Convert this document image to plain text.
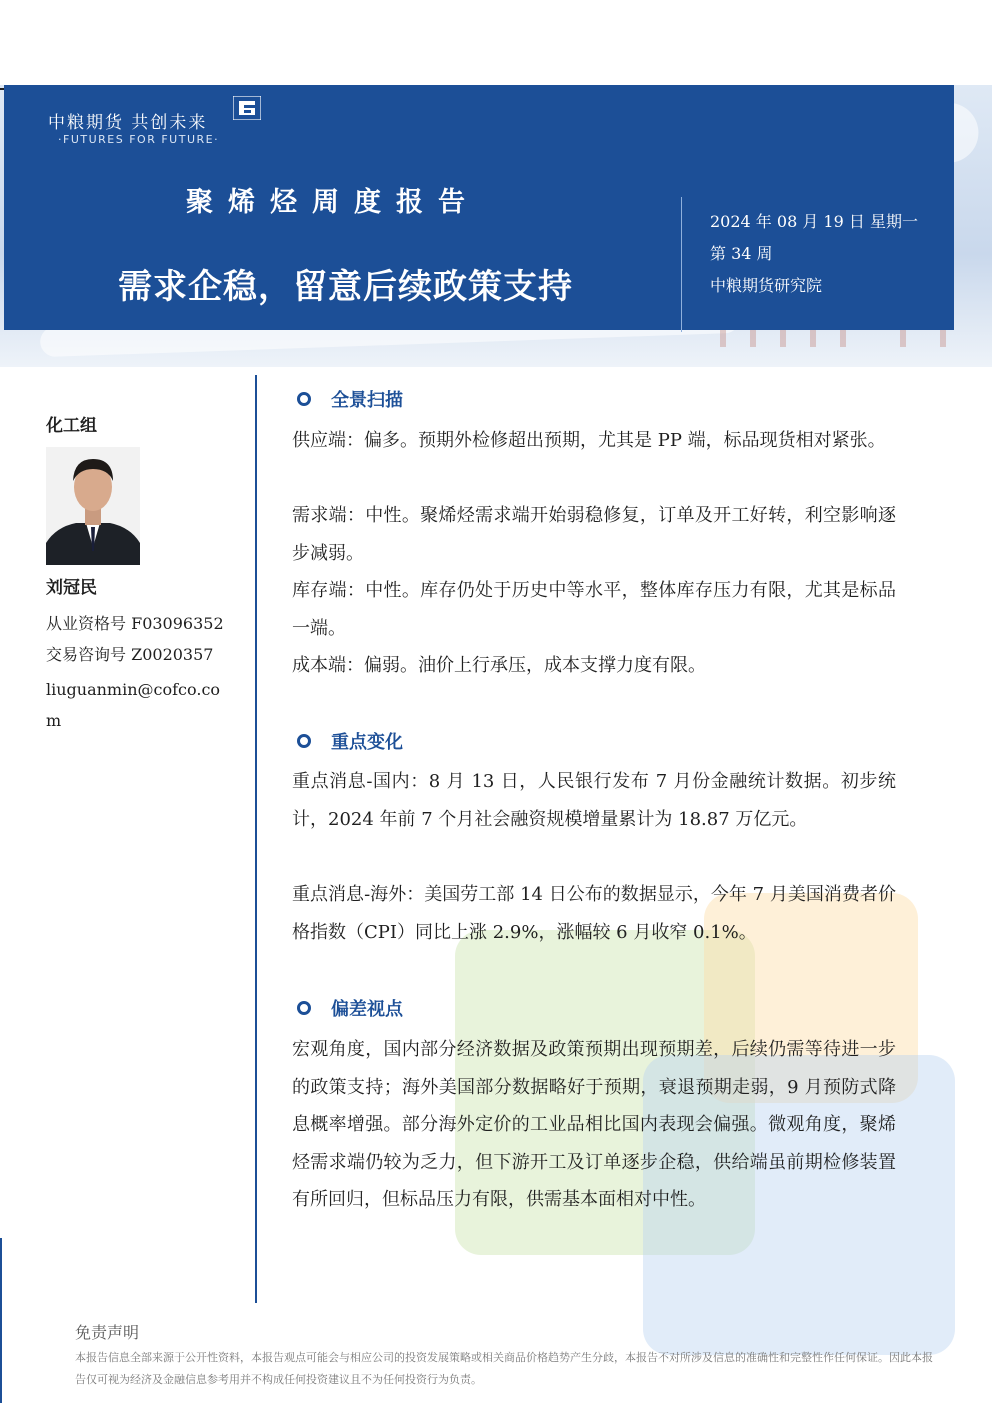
中粮期货 共创未来
·FUTURES FOR FUTURE·
聚烯烃周度报告
需求企稳，留意后续政策支持
2024 年 08 月 19 日 星期一
第 34 周
中粮期货研究院
化工组
刘冠民
从业资格号 F03096352
交易咨询号 Z0020357
liuguanmin@cofco.com
全景扫描

供应端：偏多。预期外检修超出预期，尤其是 PP 端，标品现货相对紧张。

需求端：中性。聚烯烃需求端开始弱稳修复，订单及开工好转，利空影响逐步减弱。

库存端：中性。库存仍处于历史中等水平，整体库存压力有限，尤其是标品一端。

成本端：偏弱。油价上行承压，成本支撑力度有限。

重点变化

重点消息-国内：8 月 13 日，人民银行发布 7 月份金融统计数据。初步统计，2024 年前 7 个月社会融资规模增量累计为 18.87 万亿元。

重点消息-海外：美国劳工部 14 日公布的数据显示，今年 7 月美国消费者价格指数（CPI）同比上涨 2.9%，涨幅较 6 月收窄 0.1%。

偏差视点

宏观角度，国内部分经济数据及政策预期出现预期差，后续仍需等待进一步的政策支持；海外美国部分数据略好于预期，衰退预期走弱，9 月预防式降息概率增强。部分海外定价的工业品相比国内表现会偏强。微观角度，聚烯烃需求端仍较为乏力，但下游开工及订单逐步企稳，供给端虽前期检修装置有所回归，但标品压力有限，供需基本面相对中性。

免责声明
本报告信息全部来源于公开性资料，本报告观点可能会与相应公司的投资发展策略或相关商品价格趋势产生分歧，本报告不对所涉及信息的准确性和完整性作任何保证。因此本报告仅可视为经济及金融信息参考用并不构成任何投资建议且不为任何投资行为负责。
